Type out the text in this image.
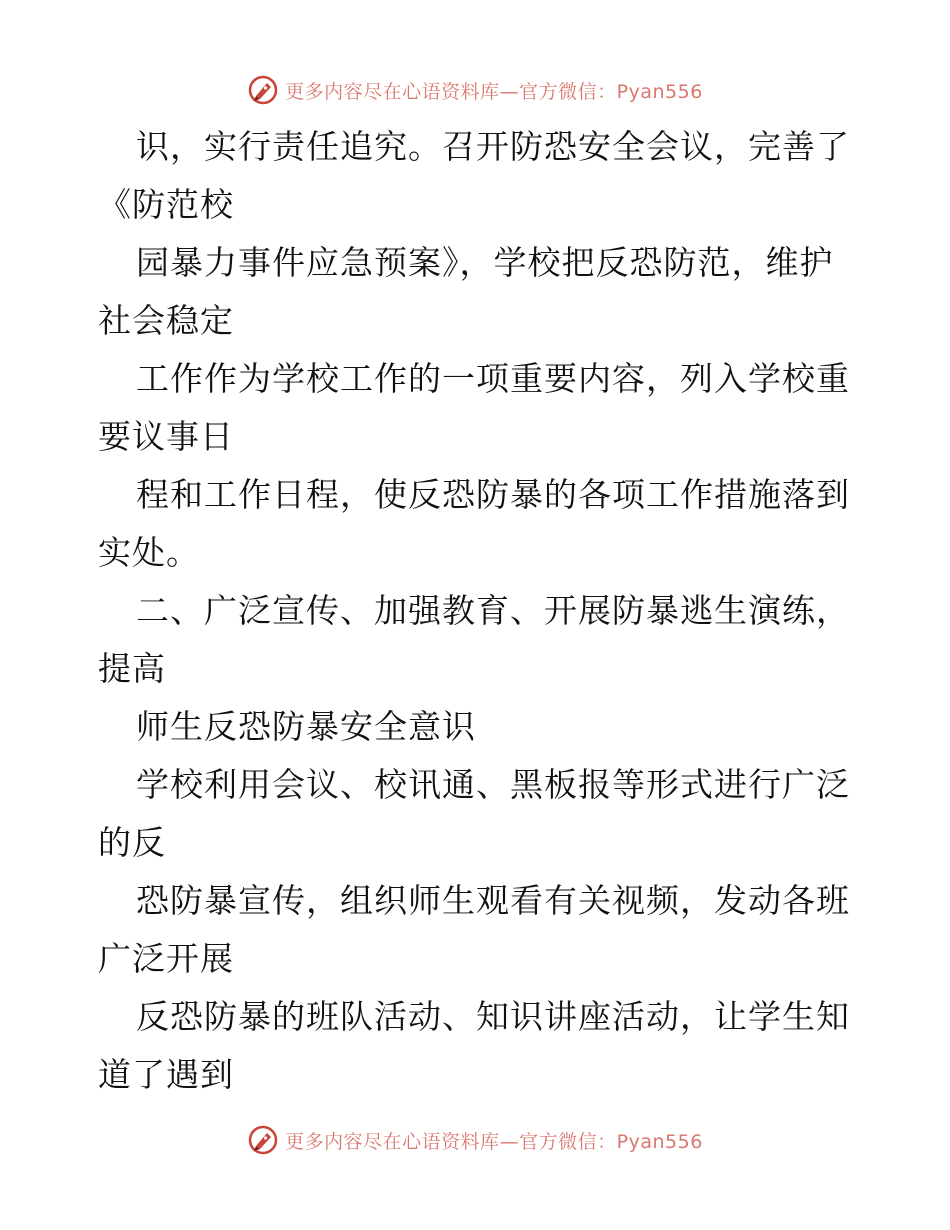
更多内容尽在心语资料库—官方微信：Pyan556
识，实行责任追究。召开防恐安全会议，完善了
《防范校
园暴力事件应急预案》，学校把反恐防范，维护
社会稳定
工作作为学校工作的一项重要内容，列入学校重
要议事日
程和工作日程，使反恐防暴的各项工作措施落到
实处。
二、广泛宣传、加强教育、开展防暴逃生演练，
提高
师生反恐防暴安全意识
学校利用会议、校讯通、黑板报等形式进行广泛
的反
恐防暴宣传，组织师生观看有关视频，发动各班
广泛开展
反恐防暴的班队活动、知识讲座活动，让学生知
道了遇到
更多内容尽在心语资料库—官方微信：Pyan556
